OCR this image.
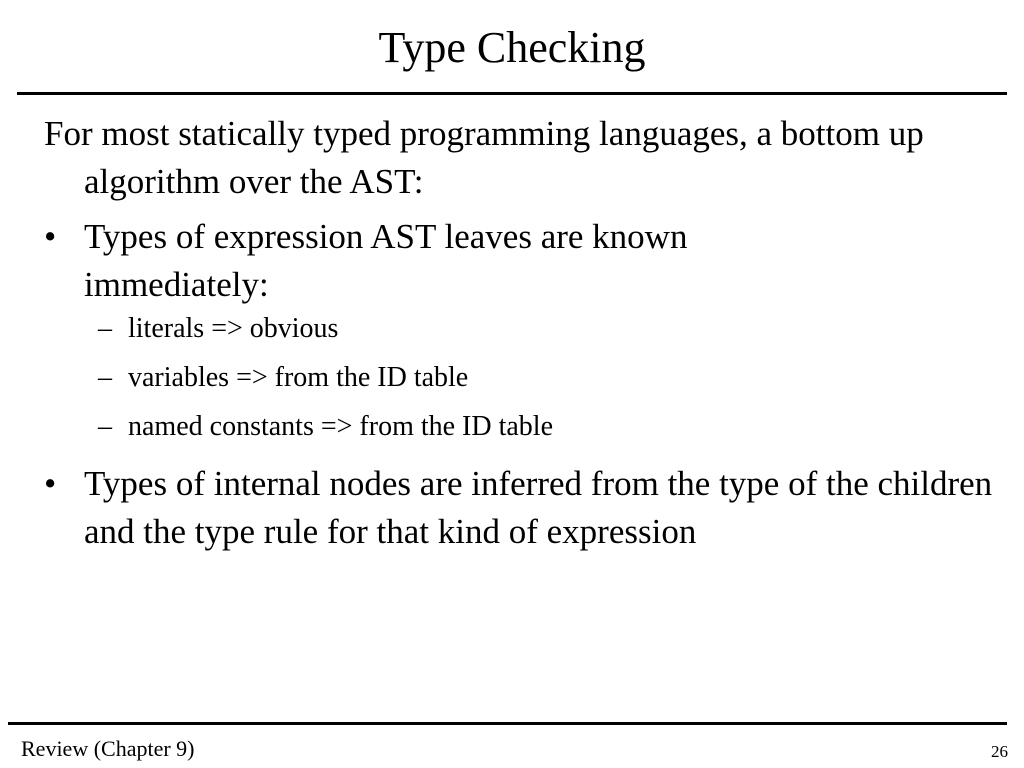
Type Checking

For most statically typed programming languages, a bottom up algorithm over the AST:

• Types of expression AST leaves are known immediately:
– literals => obvious
– variables => from the ID table
– named constants => from the ID table
• Types of internal nodes are inferred from the type of the children and the type rule for that kind of expression
Review (Chapter 9)	26
